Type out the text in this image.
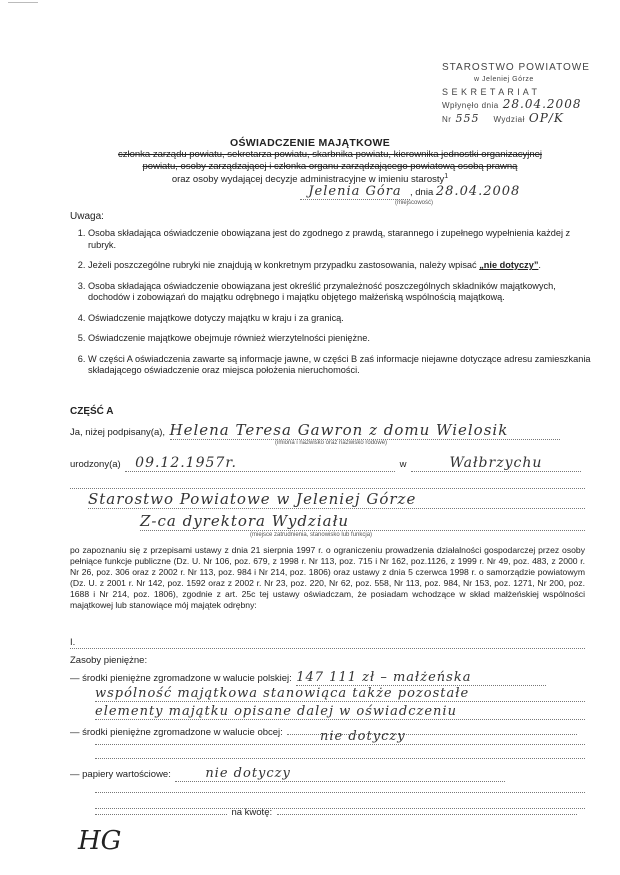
STAROSTWO POWIATOWE
w Jeleniej Górze
S E K R E T A R I A T
Wpłynęło dnia 28.04.2008
Nr 555 Wydział OP/K
OŚWIADCZENIE MAJĄTKOWE
członka zarządu powiatu, sekretarza powiatu, skarbnika powiatu, kierownika jednostki organizacyjnej
powiatu, osoby zarządzającej i członka organu zarządzającego powiatową osobą prawną
oraz osoby wydającej decyzje administracyjne w imieniu starosty$^1$
Jelenia Góra , dnia 28.04.2008
(miejscowość)
Uwaga:
1. Osoba składająca oświadczenie obowiązana jest do zgodnego z prawdą, starannego i zupełnego wypełnienia każdej z rubryk.
2. Jeżeli poszczególne rubryki nie znajdują w konkretnym przypadku zastosowania, należy wpisać „nie dotyczy”.
3. Osoba składająca oświadczenie obowiązana jest określić przynależność poszczególnych składników majątkowych, dochodów i zobowiązań do majątku odrębnego i majątku objętego małżeńską wspólnością majątkową.
4. Oświadczenie majątkowe dotyczy majątku w kraju i za granicą.
5. Oświadczenie majątkowe obejmuje również wierzytelności pieniężne.
6. W części A oświadczenia zawarte są informacje jawne, w części B zaś informacje niejawne dotyczące adresu zamieszkania składającego oświadczenie oraz miejsca położenia nieruchomości.
CZĘŚĆ A
Ja, niżej podpisany(a), Helena Teresa Gawron z domu Wielosik
(imiona i nazwisko oraz nazwisko rodowe)
urodzony(a) 09.12.1957r.	w	Wałbrzychu
Starostwo Powiatowe w Jeleniej Górze
Z-ca dyrektora Wydziału
(miejsce zatrudnienia, stanowisko lub funkcja)
po zapoznaniu się z przepisami ustawy z dnia 21 sierpnia 1997 r. o ograniczeniu prowadzenia działalności gospodarczej przez osoby pełniące funkcje publiczne (Dz. U. Nr 106, poz. 679, z 1998 r. Nr 113, poz. 715 i Nr 162, poz.1126, z 1999 r. Nr 49, poz. 483, z 2000 r. Nr 26, poz. 306 oraz z 2002 r. Nr 113, poz. 984 i Nr 214, poz. 1806) oraz ustawy z dnia 5 czerwca 1998 r. o samorządzie powiatowym (Dz. U. z 2001 r. Nr 142, poz. 1592 oraz z 2002 r. Nr 23, poz. 220, Nr 62, poz. 558, Nr 113, poz. 984, Nr 153, poz. 1271, Nr 200, poz. 1688 i Nr 214, poz. 1806), zgodnie z art. 25c tej ustawy oświadczam, że posiadam wchodzące w skład małżeńskiej wspólności majątkowej lub stanowiące mój majątek odrębny:
I.
Zasoby pieniężne:
— środki pieniężne zgromadzone w walucie polskiej: 147 111 zł – małżeńska
wspólność majątkowa stanowiąca także pozostałe
elementy majątku opisane dalej w oświadczeniu
— środki pieniężne zgromadzone w walucie obcej:	nie dotyczy
— papiery wartościowe:	nie dotyczy
na kwotę:
HG
